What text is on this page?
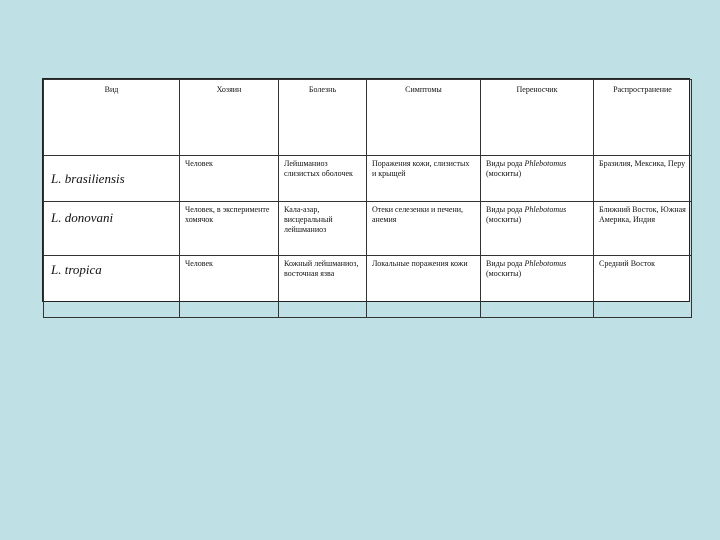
Вид	Хозяин	Болезнь	Симптомы	Переносчик	Распространение
L. brasiliensis	Человек	Лейшманиоз слизистых оболочек	Поражения кожи, слизистых и крыщей	Виды рода Phlebotomus (москиты)	Бразилия, Мексика, Перу
L. donovani	Человек, в эксперименте хомячок	Кала-азар, висцеральный лейшманиоз	Отеки селезенки и печени, анемия	Виды рода Phlebotomus (москиты)	Ближний Восток, Южная Америка, Индия
L. tropica	Человек	Кожный лейшманиоз, восточная язва	Локальные поражения кожи	Виды рода Phlebotomus (москиты)	Средний Восток
